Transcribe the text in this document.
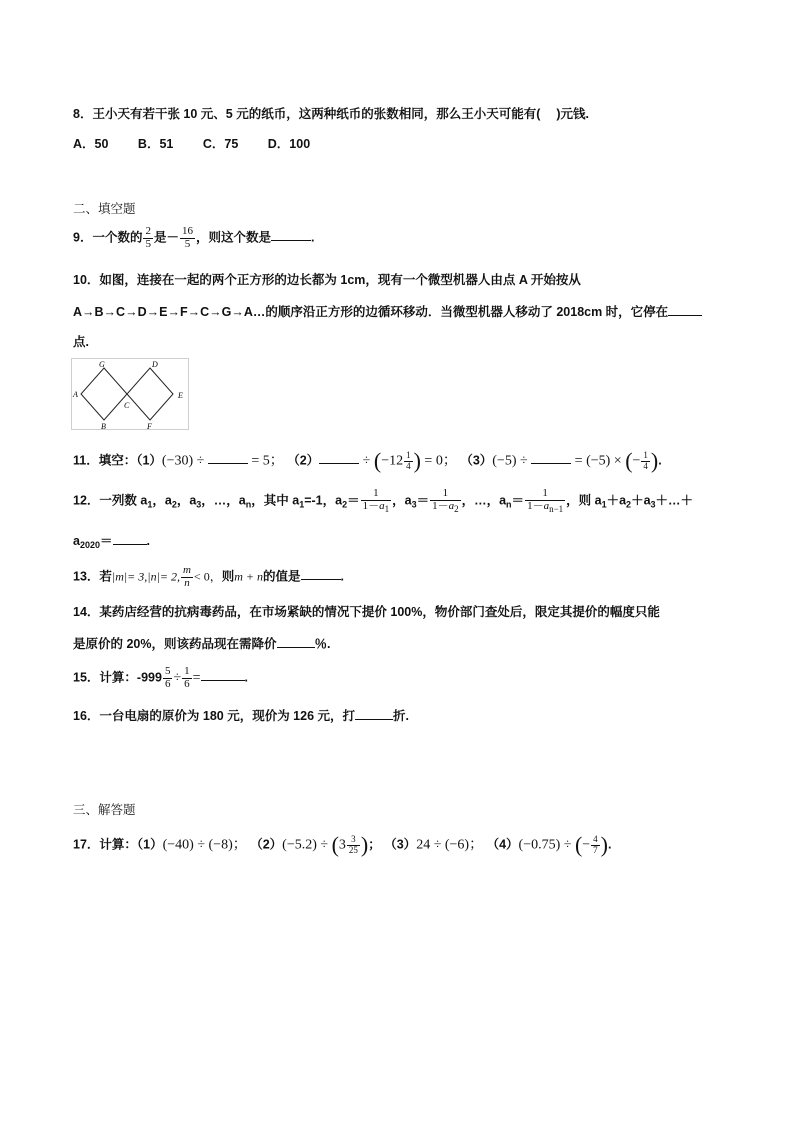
8．王小天有若干张 10 元、5 元的纸币，这两种纸币的张数相同，那么王小天可能有(　 )元钱.
A．50 B．51 C．75 D．100
二、填空题
9．一个数的 $\frac{2}{5}$ 是－ $\frac{16}{5}$ ，则这个数是	.
10．如图，连接在一起的两个正方形的边长都为 1cm，现有一个微型机器人由点 A 开始按从
A→B→C→D→E→F→C→G→A…的顺序沿正方形的边循环移动．当微型机器人移动了 2018cm 时，它停在
点.
G	D
A
C
E
B	F
11．填空：（1）(−30) ÷	= 5； （2）	÷ ($-12 \frac{1}{4}$ ) = 0； （3）(−5) ÷	= (−5) × (− $\frac{1}{4}$ ).
12．一列数 $a_1$，$a_2$，$a_3$，…，$a_n$，其中 $a_1=-1$，$a_2= \frac{1}{1-a_1}$ ，$a_3= \frac{1}{1-a_2}$ ，…，$a_n= \frac{1}{1-a_{n-1}}$ ，则 $a_1+a_2+a_3+\dots+$
$a_{2020}=$	.
13．若|m|= 3,|n|= 2, $\frac{m}{n} < 0$，则m + n的值是	.
14．某药店经营的抗病毒药品，在市场紧缺的情况下提价 100%，物价部门查处后，限定其提价的幅度只能
是原价的 20%，则该药品现在需降价	％.
15．计算：$-999 \frac{5}{6} \div \frac{1}{6}$ =	.
16．一台电扇的原价为 180 元，现价为 126 元，打	折.
三、解答题
17．计算：（1）(−40) ÷ (−8)； $(2)(-5.2) \div (3 \frac{3}{25}$ )； （3）24 ÷ (−6)； （4）(−0.75) ÷ (− $\frac{4}{7}$ ).
